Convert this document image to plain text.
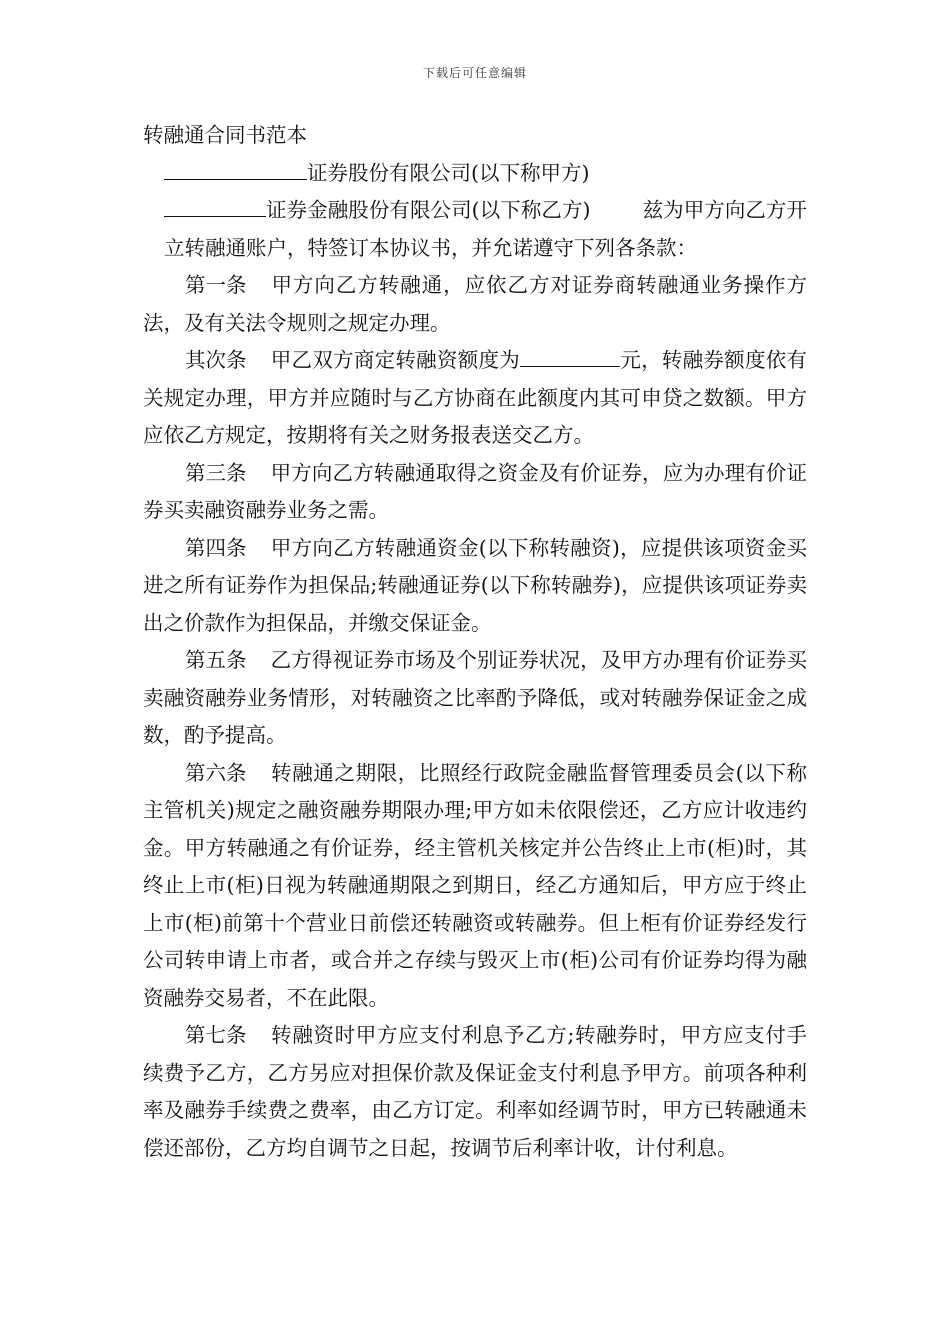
下载后可任意编辑

转融通合同书范本

证券股份有限公司(以下称甲方)

证券金融股份有限公司(以下称乙方)	兹为甲方向乙方开立转融通账户，特签订本协议书，并允诺遵守下列各条款：

第一条 甲方向乙方转融通，应依乙方对证券商转融通业务操作方法，及有关法令规则之规定办理。

其次条 甲乙双方商定转融资额度为	元，转融券额度依有关规定办理，甲方并应随时与乙方协商在此额度内其可申贷之数额。甲方应依乙方规定，按期将有关之财务报表送交乙方。

第三条 甲方向乙方转融通取得之资金及有价证券，应为办理有价证券买卖融资融券业务之需。

第四条 甲方向乙方转融通资金(以下称转融资)，应提供该项资金买进之所有证券作为担保品;转融通证券(以下称转融券)，应提供该项证券卖出之价款作为担保品，并缴交保证金。

第五条 乙方得视证券市场及个别证券状况，及甲方办理有价证券买卖融资融券业务情形，对转融资之比率酌予降低，或对转融券保证金之成数，酌予提高。

第六条 转融通之期限，比照经行政院金融监督管理委员会(以下称主管机关)规定之融资融券期限办理;甲方如未依限偿还，乙方应计收违约金。甲方转融通之有价证券，经主管机关核定并公告终止上市(柜)时，其终止上市(柜)日视为转融通期限之到期日，经乙方通知后，甲方应于终止上市(柜)前第十个营业日前偿还转融资或转融券。但上柜有价证券经发行公司转申请上市者，或合并之存续与毁灭上市(柜)公司有价证券均得为融资融券交易者，不在此限。

第七条 转融资时甲方应支付利息予乙方;转融券时，甲方应支付手续费予乙方，乙方另应对担保价款及保证金支付利息予甲方。前项各种利率及融券手续费之费率，由乙方订定。利率如经调节时，甲方已转融通未偿还部份，乙方均自调节之日起，按调节后利率计收，计付利息。
